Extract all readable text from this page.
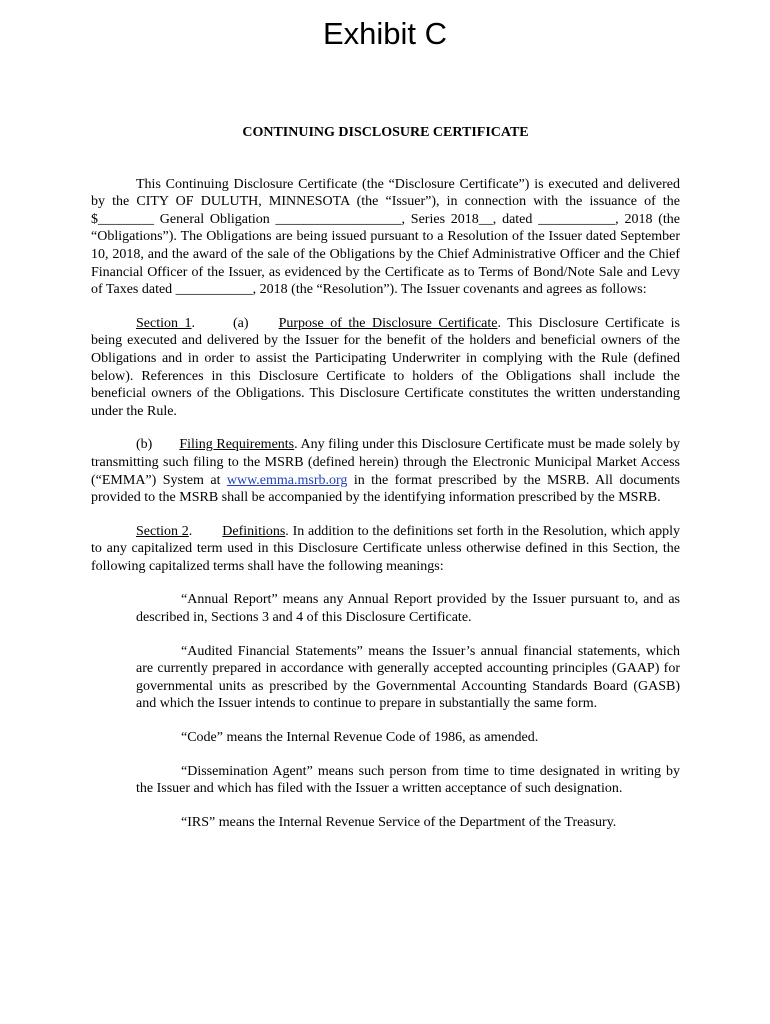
Exhibit C
CONTINUING DISCLOSURE CERTIFICATE

This Continuing Disclosure Certificate (the “Disclosure Certificate”) is executed and delivered by the CITY OF DULUTH, MINNESOTA (the “Issuer”), in connection with the issuance of the $________ General Obligation __________________, Series 2018__, dated ___________, 2018 (the “Obligations”). The Obligations are being issued pursuant to a Resolution of the Issuer dated September 10, 2018, and the award of the sale of the Obligations by the Chief Administrative Officer and the Chief Financial Officer of the Issuer, as evidenced by the Certificate as to Terms of Bond/Note Sale and Levy of Taxes dated ___________, 2018 (the “Resolution”). The Issuer covenants and agrees as follows:

Section 1.	(a) Purpose of the Disclosure Certificate. This Disclosure Certificate is being executed and delivered by the Issuer for the benefit of the holders and beneficial owners of the Obligations and in order to assist the Participating Underwriter in complying with the Rule (defined below). References in this Disclosure Certificate to holders of the Obligations shall include the beneficial owners of the Obligations. This Disclosure Certificate constitutes the written understanding under the Rule.

(b) Filing Requirements. Any filing under this Disclosure Certificate must be made solely by transmitting such filing to the MSRB (defined herein) through the Electronic Municipal Market Access (“EMMA”) System at www.emma.msrb.org in the format prescribed by the MSRB. All documents provided to the MSRB shall be accompanied by the identifying information prescribed by the MSRB.

Section 2. Definitions. In addition to the definitions set forth in the Resolution, which apply to any capitalized term used in this Disclosure Certificate unless otherwise defined in this Section, the following capitalized terms shall have the following meanings:

“Annual Report” means any Annual Report provided by the Issuer pursuant to, and as described in, Sections 3 and 4 of this Disclosure Certificate.

“Audited Financial Statements” means the Issuer’s annual financial statements, which are currently prepared in accordance with generally accepted accounting principles (GAAP) for governmental units as prescribed by the Governmental Accounting Standards Board (GASB) and which the Issuer intends to continue to prepare in substantially the same form.

“Code” means the Internal Revenue Code of 1986, as amended.

“Dissemination Agent” means such person from time to time designated in writing by the Issuer and which has filed with the Issuer a written acceptance of such designation.

“IRS” means the Internal Revenue Service of the Department of the Treasury.
